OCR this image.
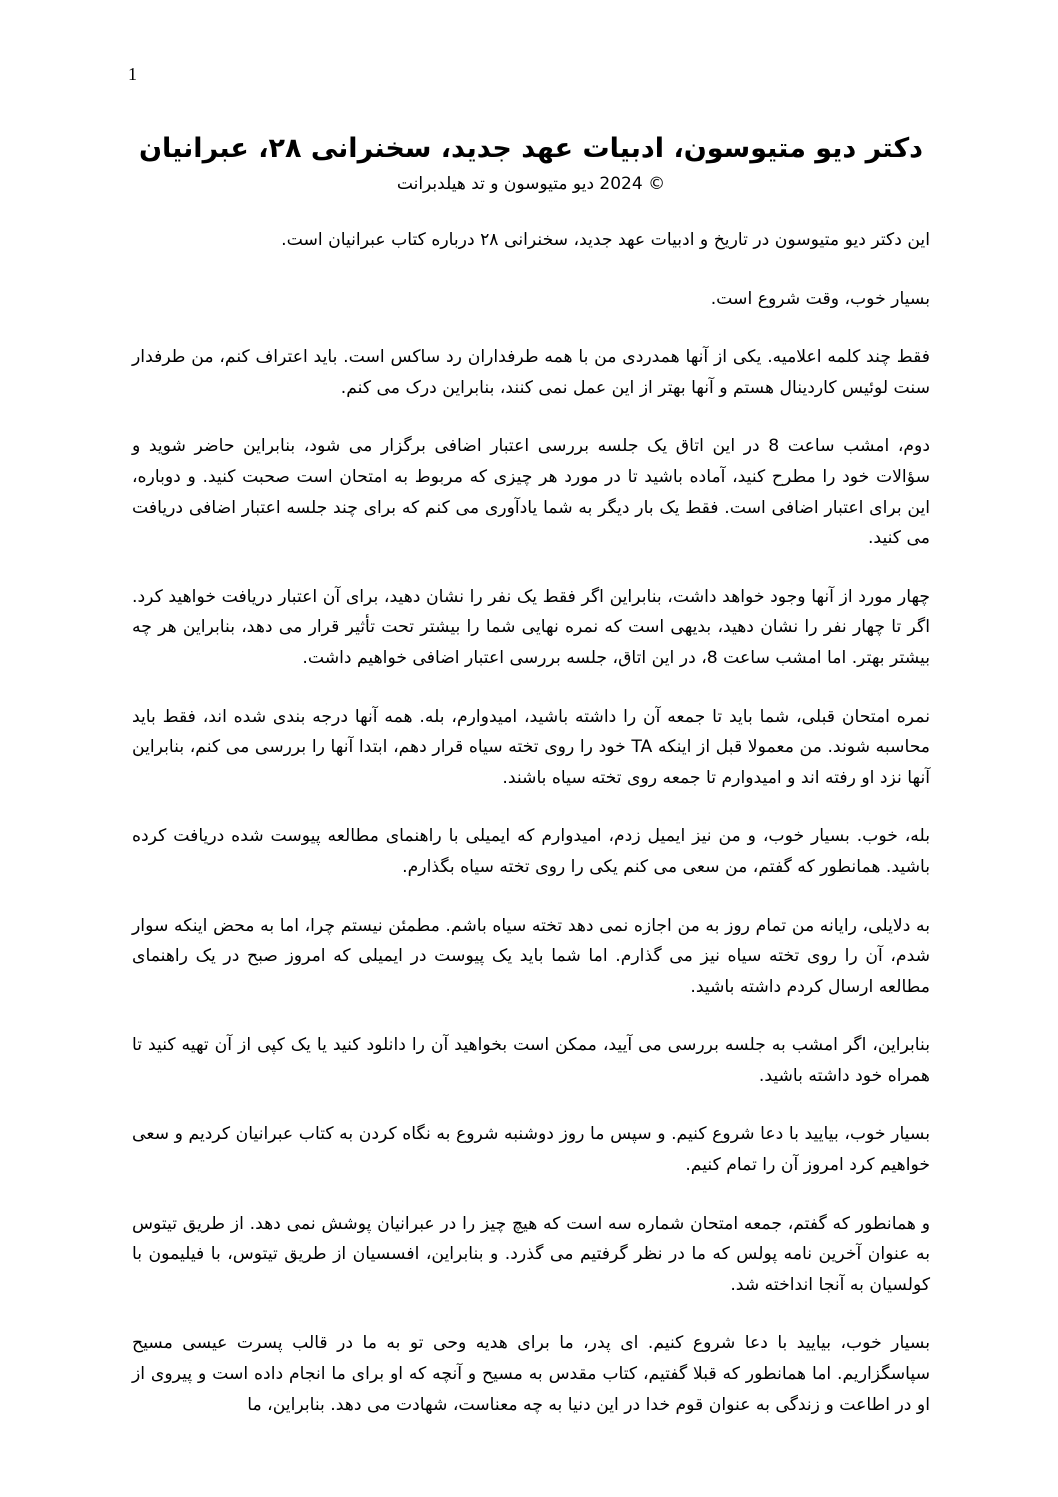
1
دکتر دیو متیوسون، ادبیات عهد جدید، سخنرانی ۲۸، عبرانیان
© 2024 دیو متیوسون و تد هیلدبرانت

این دکتر دیو متیوسون در تاریخ و ادبیات عهد جدید، سخنرانی ۲۸ درباره کتاب عبرانیان است.

بسیار خوب، وقت شروع است.

فقط چند کلمه اعلامیه. یکی از آنها همدردی من با همه طرفداران رد ساکس است. باید اعتراف کنم، من طرفدار سنت لوئیس کاردینال هستم و آنها بهتر از این عمل نمی کنند، بنابراین درک می کنم.

دوم، امشب ساعت 8 در این اتاق یک جلسه بررسی اعتبار اضافی برگزار می شود، بنابراین حاضر شوید و سؤالات خود را مطرح کنید، آماده باشید تا در مورد هر چیزی که مربوط به امتحان است صحبت کنید. و دوباره، این برای اعتبار اضافی است. فقط یک بار دیگر به شما یادآوری می کنم که برای چند جلسه اعتبار اضافی دریافت می کنید.

چهار مورد از آنها وجود خواهد داشت، بنابراین اگر فقط یک نفر را نشان دهید، برای آن اعتبار دریافت خواهید کرد. اگر تا چهار نفر را نشان دهید، بدیهی است که نمره نهایی شما را بیشتر تحت تأثیر قرار می دهد، بنابراین هر چه بیشتر بهتر. اما امشب ساعت 8، در این اتاق، جلسه بررسی اعتبار اضافی خواهیم داشت.

نمره امتحان قبلی، شما باید تا جمعه آن را داشته باشید، امیدوارم، بله. همه آنها درجه بندی شده اند، فقط باید محاسبه شوند. من معمولا قبل از اینکه TA خود را روی تخته سیاه قرار دهم، ابتدا آنها را بررسی می کنم، بنابراین آنها نزد او رفته اند و امیدوارم تا جمعه روی تخته سیاه باشند.

بله، خوب. بسیار خوب، و من نیز ایمیل زدم، امیدوارم که ایمیلی با راهنمای مطالعه پیوست شده دریافت کرده باشید. همانطور که گفتم، من سعی می کنم یکی را روی تخته سیاه بگذارم.

به دلایلی، رایانه من تمام روز به من اجازه نمی دهد تخته سیاه باشم. مطمئن نیستم چرا، اما به محض اینکه سوار شدم، آن را روی تخته سیاه نیز می گذارم. اما شما باید یک پیوست در ایمیلی که امروز صبح در یک راهنمای مطالعه ارسال کردم داشته باشید.

بنابراین، اگر امشب به جلسه بررسی می آیید، ممکن است بخواهید آن را دانلود کنید یا یک کپی از آن تهیه کنید تا همراه خود داشته باشید.

بسیار خوب، بیایید با دعا شروع کنیم. و سپس ما روز دوشنبه شروع به نگاه کردن به کتاب عبرانیان کردیم و سعی خواهیم کرد امروز آن را تمام کنیم.

و همانطور که گفتم، جمعه امتحان شماره سه است که هیچ چیز را در عبرانیان پوشش نمی دهد. از طریق تیتوس به عنوان آخرین نامه پولس که ما در نظر گرفتیم می گذرد. و بنابراین، افسسیان از طریق تیتوس، با فیلیمون با کولسیان به آنجا انداخته شد.

بسیار خوب، بیایید با دعا شروع کنیم. ای پدر، ما برای هدیه وحی تو به ما در قالب پسرت عیسی مسیح سپاسگزاریم. اما همانطور که قبلا گفتیم، کتاب مقدس به مسیح و آنچه که او برای ما انجام داده است و پیروی از او در اطاعت و زندگی به عنوان قوم خدا در این دنیا به چه معناست، شهادت می دهد. بنابراین، ما
